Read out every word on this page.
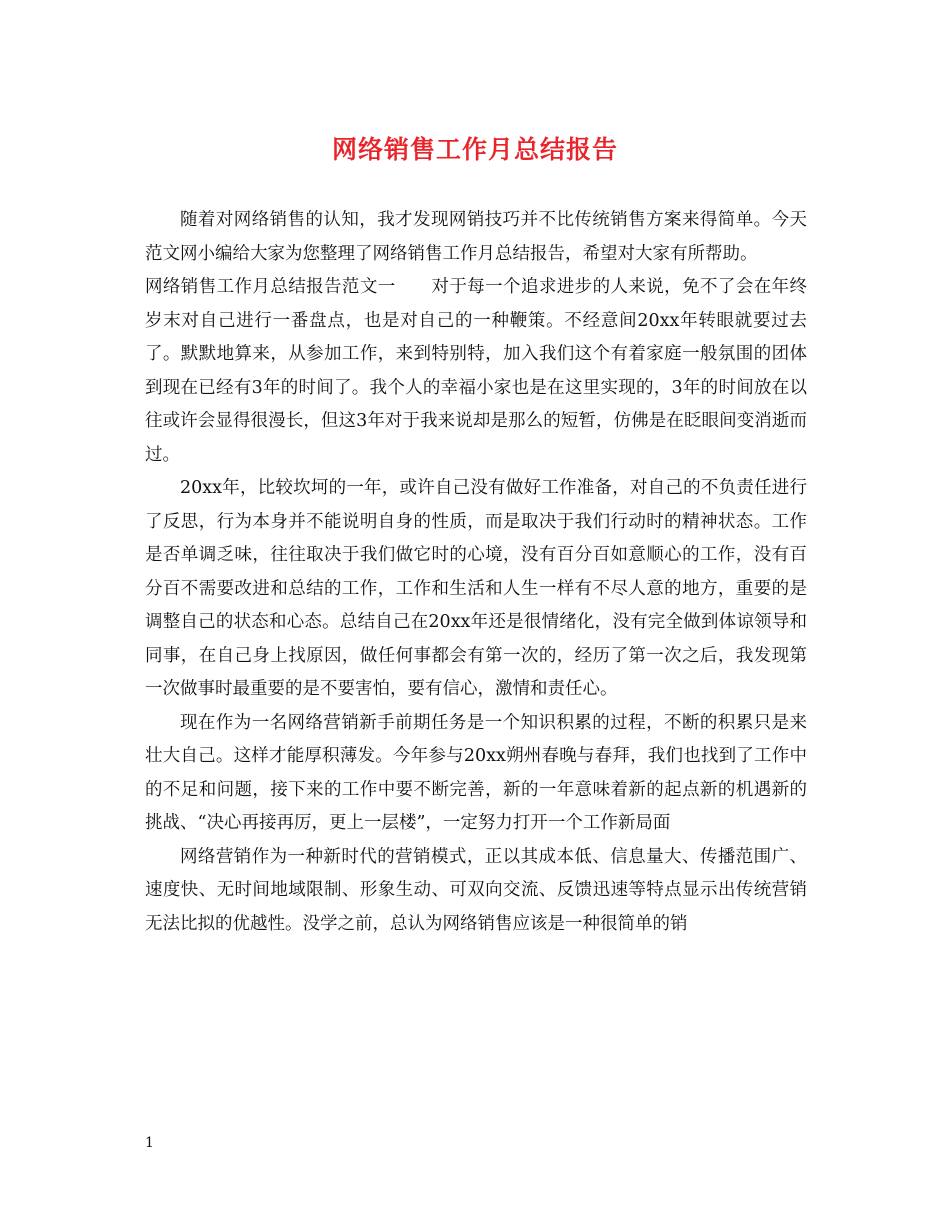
网络销售工作月总结报告

随着对网络销售的认知，我才发现网销技巧并不比传统销售方案来得简单。今天范文网小编给大家为您整理了网络销售工作月总结报告，希望对大家有所帮助。

网络销售工作月总结报告范文一　　对于每一个追求进步的人来说，免不了会在年终岁末对自己进行一番盘点，也是对自己的一种鞭策。不经意间20xx年转眼就要过去了。默默地算来，从参加工作，来到特别特，加入我们这个有着家庭一般氛围的团体到现在已经有3年的时间了。我个人的幸福小家也是在这里实现的，3年的时间放在以往或许会显得很漫长，但这3年对于我来说却是那么的短暂，仿佛是在眨眼间变消逝而过。

20xx年，比较坎坷的一年，或许自己没有做好工作准备，对自己的不负责任进行了反思，行为本身并不能说明自身的性质，而是取决于我们行动时的精神状态。工作是否单调乏味，往往取决于我们做它时的心境，没有百分百如意顺心的工作，没有百分百不需要改进和总结的工作，工作和生活和人生一样有不尽人意的地方，重要的是调整自己的状态和心态。总结自己在20xx年还是很情绪化，没有完全做到体谅领导和同事，在自己身上找原因，做任何事都会有第一次的，经历了第一次之后，我发现第一次做事时最重要的是不要害怕，要有信心，激情和责任心。

现在作为一名网络营销新手前期任务是一个知识积累的过程，不断的积累只是来壮大自己。这样才能厚积薄发。今年参与20xx朔州春晚与春拜，我们也找到了工作中的不足和问题，接下来的工作中要不断完善，新的一年意味着新的起点新的机遇新的挑战、“决心再接再厉，更上一层楼”，一定努力打开一个工作新局面

网络营销作为一种新时代的营销模式，正以其成本低、信息量大、传播范围广、速度快、无时间地域限制、形象生动、可双向交流、反馈迅速等特点显示出传统营销无法比拟的优越性。没学之前，总认为网络销售应该是一种很简单的销

1
